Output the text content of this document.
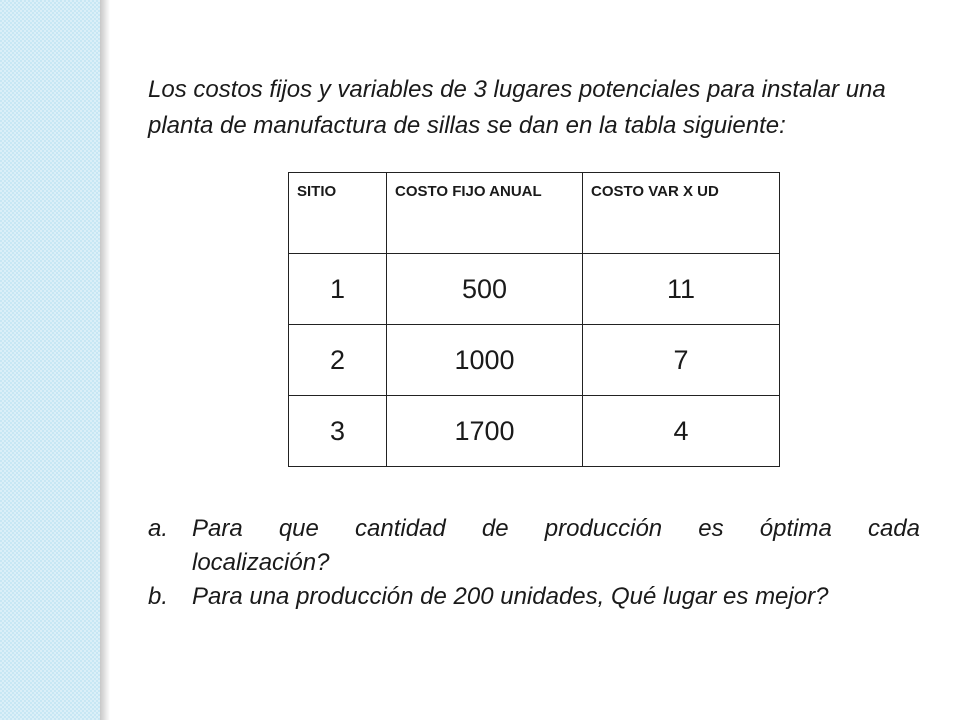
Los costos fijos y variables de 3 lugares potenciales para instalar una planta de manufactura de sillas se dan en la tabla siguiente:

SITIO	COSTO FIJO ANUAL	COSTO VAR X UD
1	500	11
2	1000	7
3	1700	4
a. Para que cantidad de producción es óptima cada localización?
b. Para una producción de 200 unidades, Qué lugar es mejor?
